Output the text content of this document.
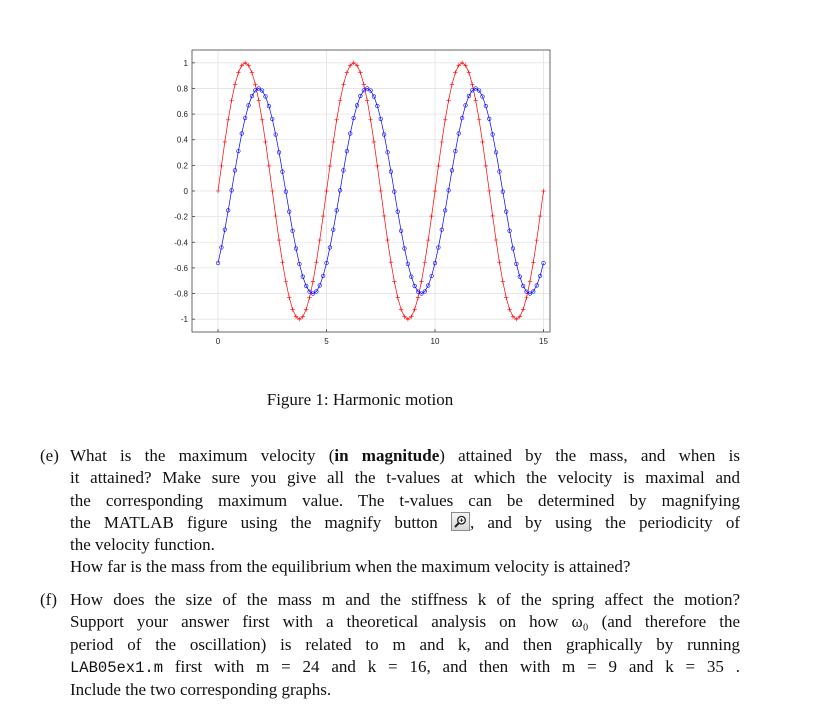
0	5	10	15
1
0.8
0.6
0.4
0.2
0
-0.2
-0.4
-0.6
-0.8
-1
Figure 1: Harmonic motion
(e) What is the maximum velocity (in magnitude) attained by the mass, and when is
it attained? Make sure you give all the t-values at which the velocity is maximal and
the corresponding maximum value. The t-values can be determined by magnifying
the MATLAB figure using the magnify button , and by using the periodicity of
the velocity function.
How far is the mass from the equilibrium when the maximum velocity is attained?
(f) How does the size of the mass m and the stiffness k of the spring affect the motion?
Support your answer first with a theoretical analysis on how ω₀ (and therefore the
period of the oscillation) is related to m and k, and then graphically by running
LAB05ex1.m first with m = 24 and k = 16, and then with m = 9 and k = 35 .
Include the two corresponding graphs.
